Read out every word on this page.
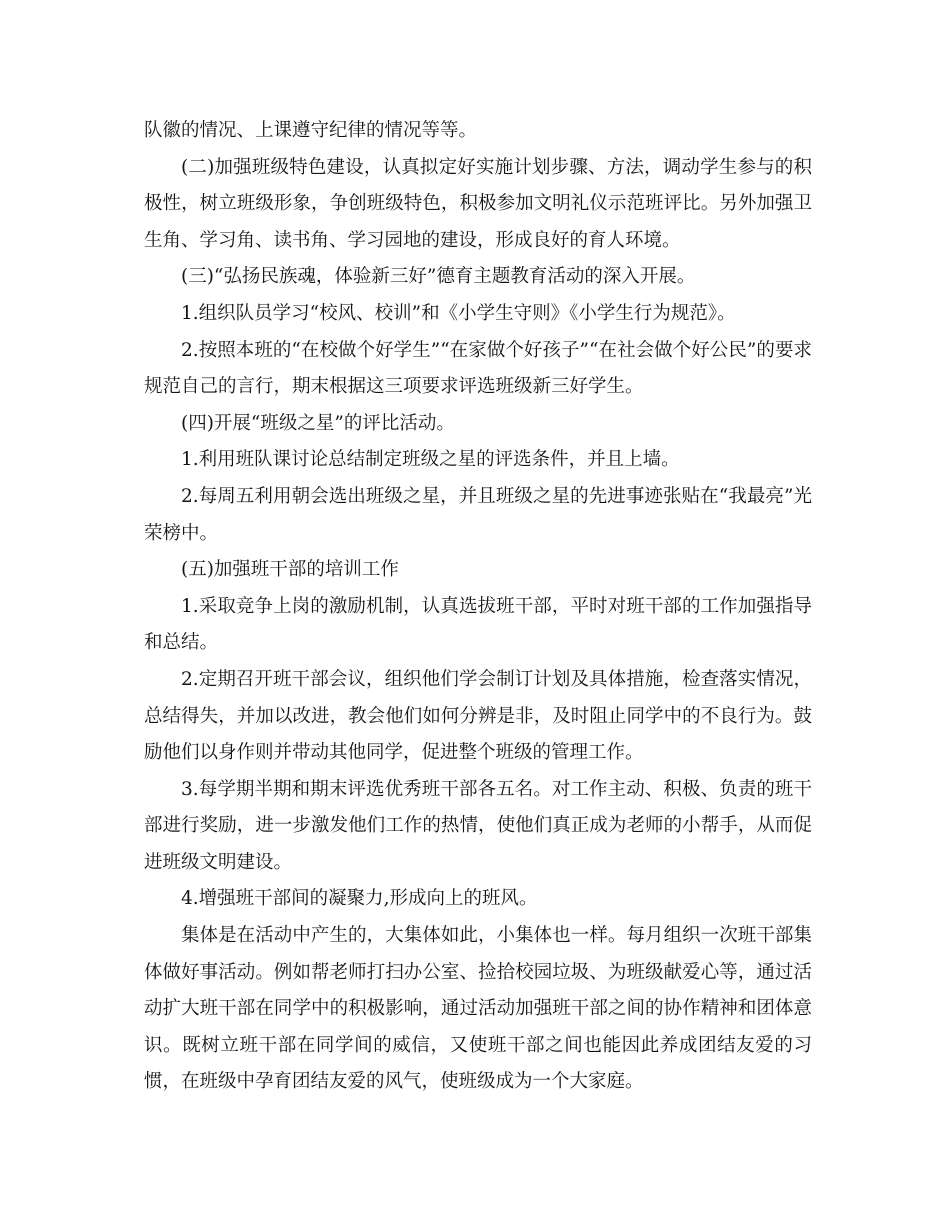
队徽的情况、上课遵守纪律的情况等等。

(二)加强班级特色建设，认真拟定好实施计划步骤、方法，调动学生参与的积极性，树立班级形象，争创班级特色，积极参加文明礼仪示范班评比。另外加强卫生角、学习角、读书角、学习园地的建设，形成良好的育人环境。

(三)“弘扬民族魂，体验新三好”德育主题教育活动的深入开展。

1.组织队员学习“校风、校训”和《小学生守则》《小学生行为规范》。

2.按照本班的“在校做个好学生”“在家做个好孩子”“在社会做个好公民”的要求规范自己的言行，期末根据这三项要求评选班级新三好学生。

(四)开展“班级之星”的评比活动。

1.利用班队课讨论总结制定班级之星的评选条件，并且上墙。

2.每周五利用朝会选出班级之星，并且班级之星的先进事迹张贴在“我最亮”光荣榜中。

(五)加强班干部的培训工作

1.采取竞争上岗的激励机制，认真选拔班干部，平时对班干部的工作加强指导和总结。

2.定期召开班干部会议，组织他们学会制订计划及具体措施，检查落实情况，总结得失，并加以改进，教会他们如何分辨是非，及时阻止同学中的不良行为。鼓励他们以身作则并带动其他同学，促进整个班级的管理工作。

3.每学期半期和期末评选优秀班干部各五名。对工作主动、积极、负责的班干部进行奖励，进一步激发他们工作的热情，使他们真正成为老师的小帮手，从而促进班级文明建设。

4.增强班干部间的凝聚力,形成向上的班风。

集体是在活动中产生的，大集体如此，小集体也一样。每月组织一次班干部集体做好事活动。例如帮老师打扫办公室、捡拾校园垃圾、为班级献爱心等，通过活动扩大班干部在同学中的积极影响，通过活动加强班干部之间的协作精神和团体意识。既树立班干部在同学间的威信，又使班干部之间也能因此养成团结友爱的习惯，在班级中孕育团结友爱的风气，使班级成为一个大家庭。
